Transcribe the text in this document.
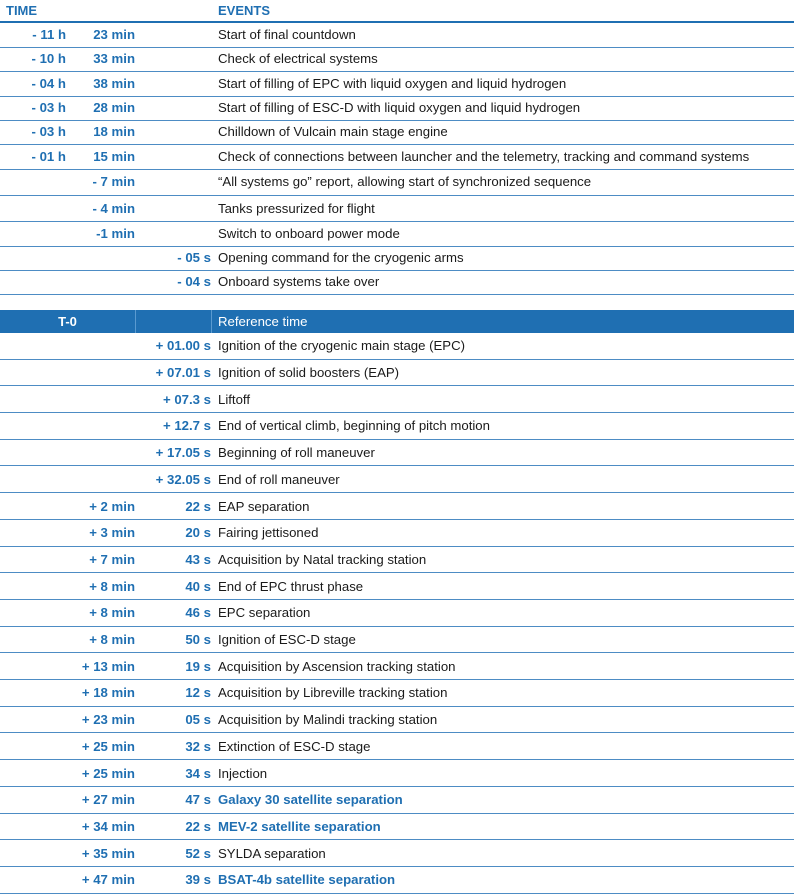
TIME	EVENTS
- 11 h	23 min	Start of final countdown
- 10 h	33 min	Check of electrical systems
- 04 h	38 min	Start of filling of EPC with liquid oxygen and liquid hydrogen
- 03 h	28 min	Start of filling of ESC-D with liquid oxygen and liquid hydrogen
- 03 h	18 min	Chilldown of Vulcain main stage engine
- 01 h	15 min	Check of connections between launcher and the telemetry, tracking and command systems
- 7 min	“All systems go” report, allowing start of synchronized sequence
- 4 min	Tanks pressurized for flight
-1 min	Switch to onboard power mode
- 05 s Opening command for the cryogenic arms
- 04 s Onboard systems take over
T-0	Reference time
+ 01.00 s Ignition of the cryogenic main stage (EPC)
+ 07.01 s Ignition of solid boosters (EAP)
+ 07.3 s Liftoff
+ 12.7 s End of vertical climb, beginning of pitch motion
+ 17.05 s Beginning of roll maneuver
+ 32.05 s End of roll maneuver
+ 2 min	22 s EAP separation
+ 3 min	20 s Fairing jettisoned
+ 7 min	43 s Acquisition by Natal tracking station
+ 8 min	40 s End of EPC thrust phase
+ 8 min	46 s EPC separation
+ 8 min	50 s Ignition of ESC-D stage
+ 13 min	19 s Acquisition by Ascension tracking station
+ 18 min	12 s Acquisition by Libreville tracking station
+ 23 min	05 s Acquisition by Malindi tracking station
+ 25 min	32 s Extinction of ESC-D stage
+ 25 min	34 s Injection
+ 27 min	47 s Galaxy 30 satellite separation
+ 34 min	22 s MEV-2 satellite separation
+ 35 min	52 s SYLDA separation
+ 47 min	39 s BSAT-4b satellite separation
